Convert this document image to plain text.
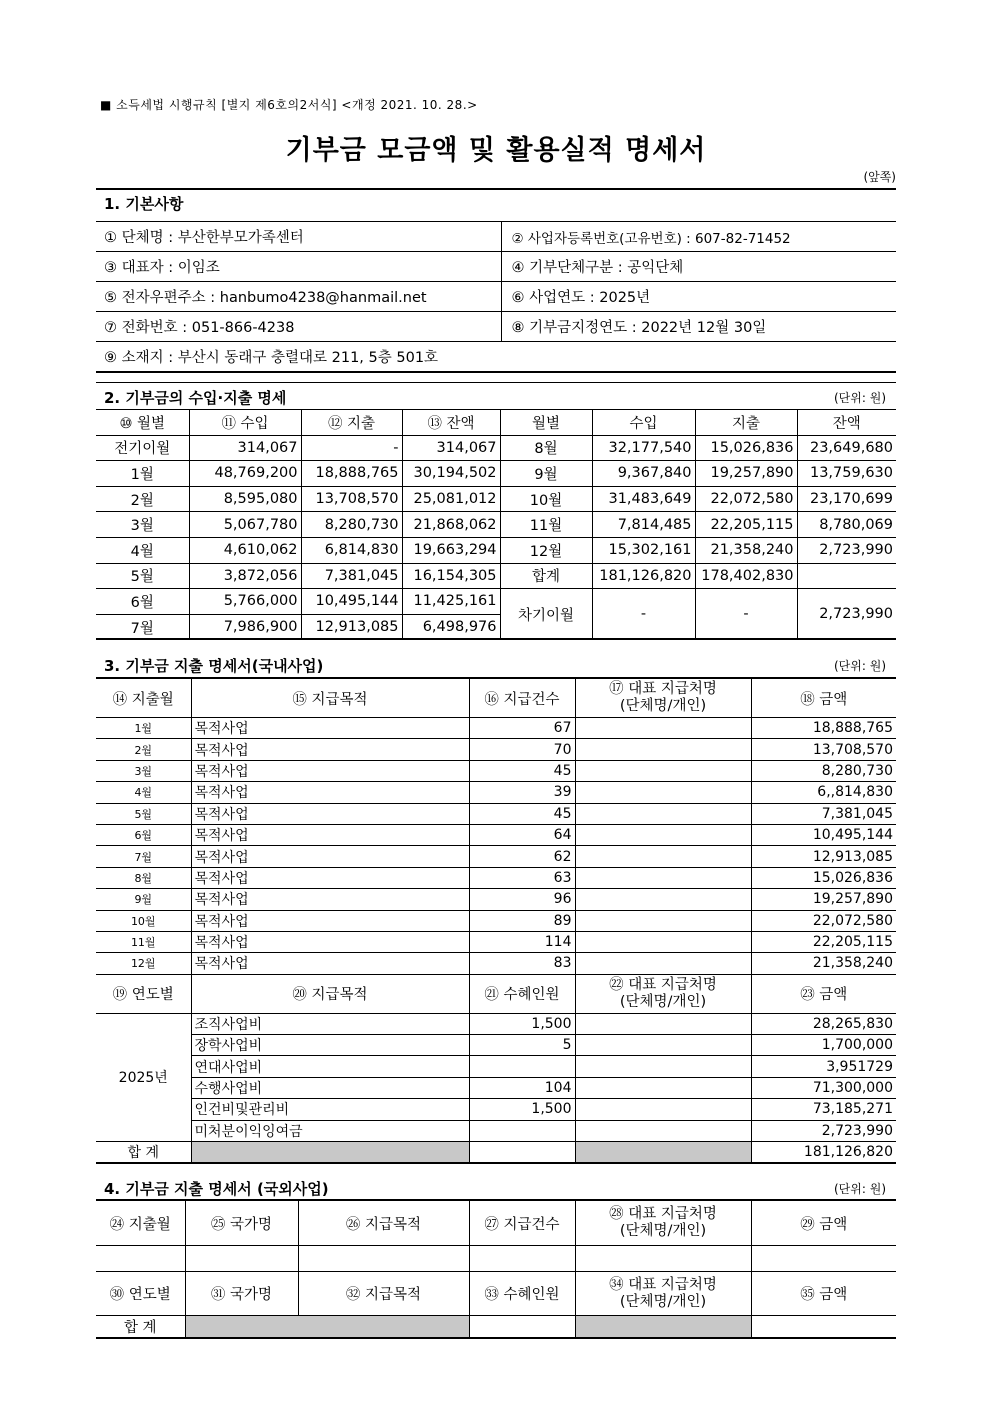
■ 소득세법 시행규칙 [별지 제6호의2서식] <개정 2021. 10. 28.>
기부금 모금액 및 활용실적 명세서
(앞쪽)
1. 기본사항
① 단체명 : 부산한부모가족센터	② 사업자등록번호(고유번호) : 607-82-71452
③ 대표자 : 이임조	④ 기부단체구분 : 공익단체
⑤ 전자우편주소 : hanbumo4238@hanmail.net	⑥ 사업연도 : 2025년
⑦ 전화번호 : 051-866-4238	⑧ 기부금지정연도 : 2022년 12월 30일
⑨ 소재지 : 부산시 동래구 충렬대로 211, 5층 501호	
2. 기부금의 수입·지출 명세	(단위: 원)
⑩ 월별	⑪ 수입	⑫ 지출	⑬ 잔액	월별	수입	지출	잔액
전기이월	314,067	-	314,067	8월	32,177,540	15,026,836	23,649,680
1월	48,769,200	18,888,765	30,194,502	9월	9,367,840	19,257,890	13,759,630
2월	8,595,080	13,708,570	25,081,012	10월	31,483,649	22,072,580	23,170,699
3월	5,067,780	8,280,730	21,868,062	11월	7,814,485	22,205,115	8,780,069
4월	4,610,062	6,814,830	19,663,294	12월	15,302,161	21,358,240	2,723,990
5월	3,872,056	7,381,045	16,154,305	합계	181,126,820	178,402,830	
6월	5,766,000	10,495,144	11,425,161	차기이월	-	-	2,723,990
7월	7,986,900	12,913,085	6,498,976				
3. 기부금 지출 명세서(국내사업)	(단위: 원)
⑭ 지출월	⑮ 지급목적	⑯ 지급건수	⑰ 대표 지급처명
(단체명/개인)	⑱ 금액
1월	목적사업	67		18,888,765
2월	목적사업	70		13,708,570
3월	목적사업	45		8,280,730
4월	목적사업	39		6,,814,830
5월	목적사업	45		7,381,045
6월	목적사업	64		10,495,144
7월	목적사업	62		12,913,085
8월	목적사업	63		15,026,836
9월	목적사업	96		19,257,890
10월	목적사업	89		22,072,580
11월	목적사업	114		22,205,115
12월	목적사업	83		21,358,240
⑲ 연도별	⑳ 지급목적	㉑ 수혜인원	㉒ 대표 지급처명
(단체명/개인)	㉓ 금액
2025년	조직사업비	1,500		28,265,830
	장학사업비	5		1,700,000
	연대사업비			3,951729
	수행사업비	104		71,300,000
	인건비및관리비	1,500		73,185,271
	미처분이익잉여금			2,723,990
합 계				181,126,820
4. 기부금 지출 명세서 (국외사업)	(단위: 원)
㉔ 지출월	㉕ 국가명	㉖ 지급목적	㉗ 지급건수	㉘ 대표 지급처명
(단체명/개인)	㉙ 금액

㉚ 연도별	㉛ 국가명	㉜ 지급목적	㉝ 수혜인원	㉞ 대표 지급처명
(단체명/개인)	㉟ 금액
합 계					
